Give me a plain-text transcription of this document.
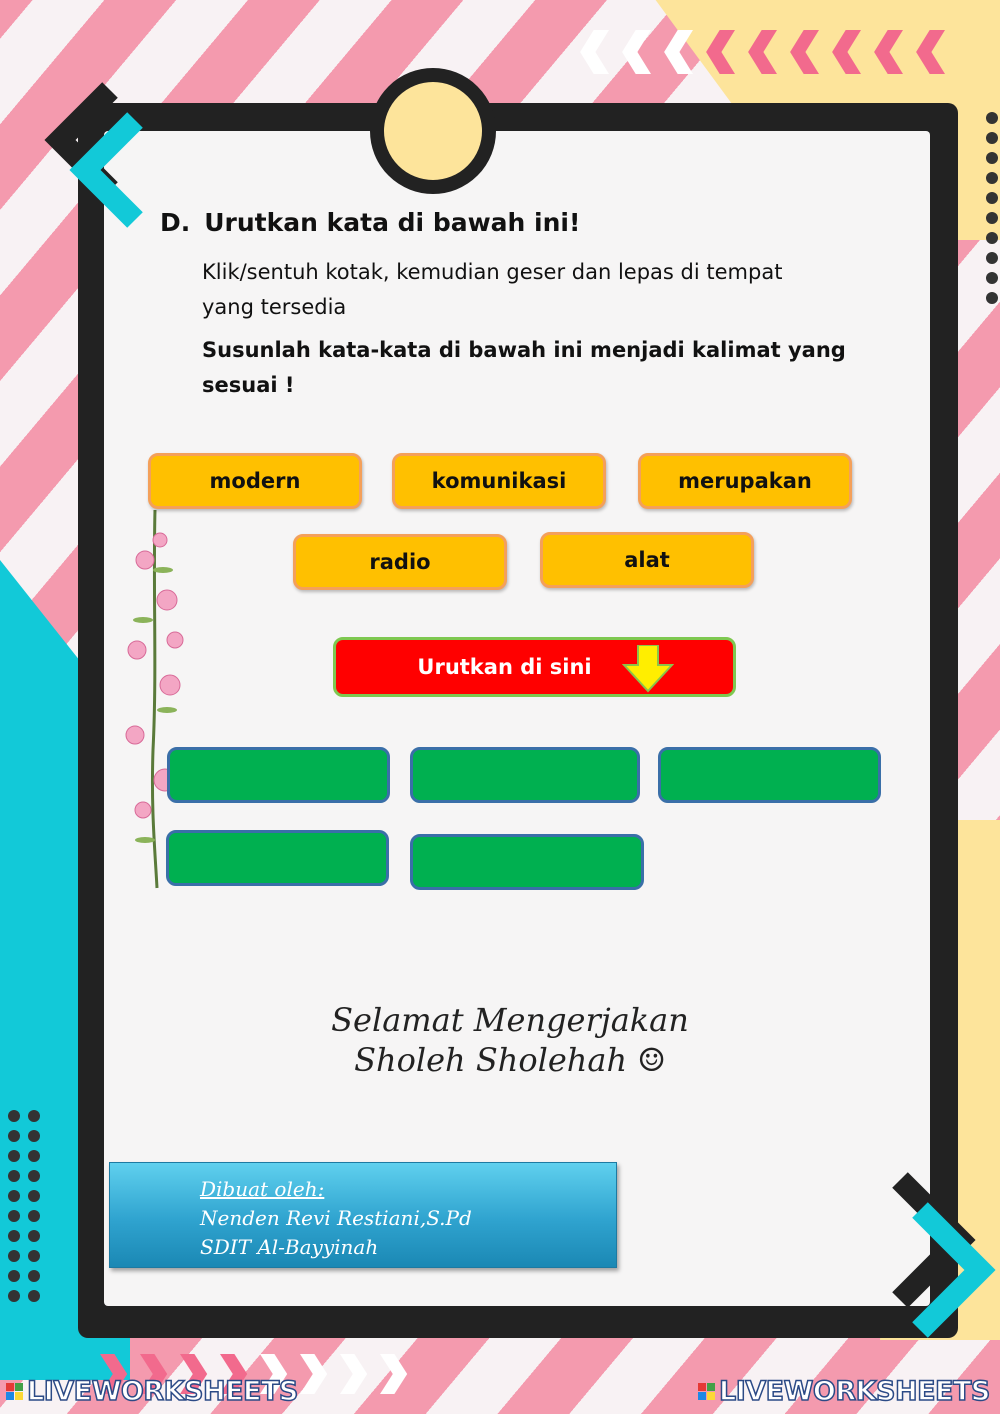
D. Urutkan kata di bawah ini!
Klik/sentuh kotak, kemudian geser dan lepas di tempat
yang tersedia
Susunlah kata-kata di bawah ini menjadi kalimat yang
sesuai !
modern	komunikasi	merupakan
radio	alat
Urutkan di sini
Selamat Mengerjakan
Sholeh Sholehah ☺
Dibuat oleh:
Nenden Revi Restiani,S.Pd
SDIT Al-Bayyinah
LIVEWORKSHEETS	LIVEWORKSHEETS
